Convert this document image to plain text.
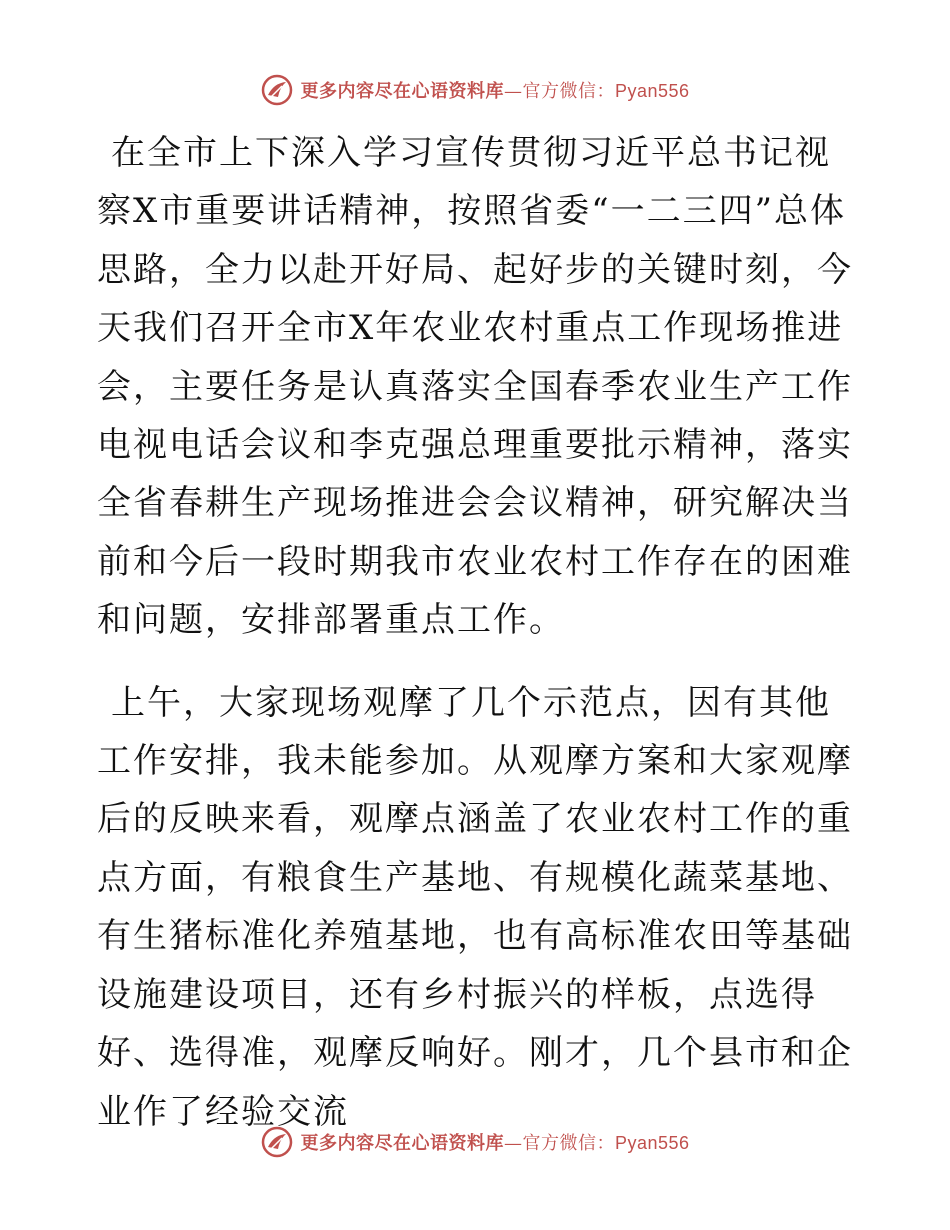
更多内容尽在心语资料库—官方微信：Pyan556

在全市上下深入学习宣传贯彻习近平总书记视察X市重要讲话精神，按照省委“一二三四”总体思路，全力以赴开好局、起好步的关键时刻，今天我们召开全市X年农业农村重点工作现场推进会，主要任务是认真落实全国春季农业生产工作电视电话会议和李克强总理重要批示精神，落实全省春耕生产现场推进会会议精神，研究解决当前和今后一段时期我市农业农村工作存在的困难和问题，安排部署重点工作。

上午，大家现场观摩了几个示范点，因有其他工作安排，我未能参加。从观摩方案和大家观摩后的反映来看，观摩点涵盖了农业农村工作的重点方面，有粮食生产基地、有规模化蔬菜基地、有生猪标准化养殖基地，也有高标准农田等基础设施建设项目，还有乡村振兴的样板，点选得好、选得准，观摩反响好。刚才，几个县市和企业作了经验交流

更多内容尽在心语资料库—官方微信：Pyan556
